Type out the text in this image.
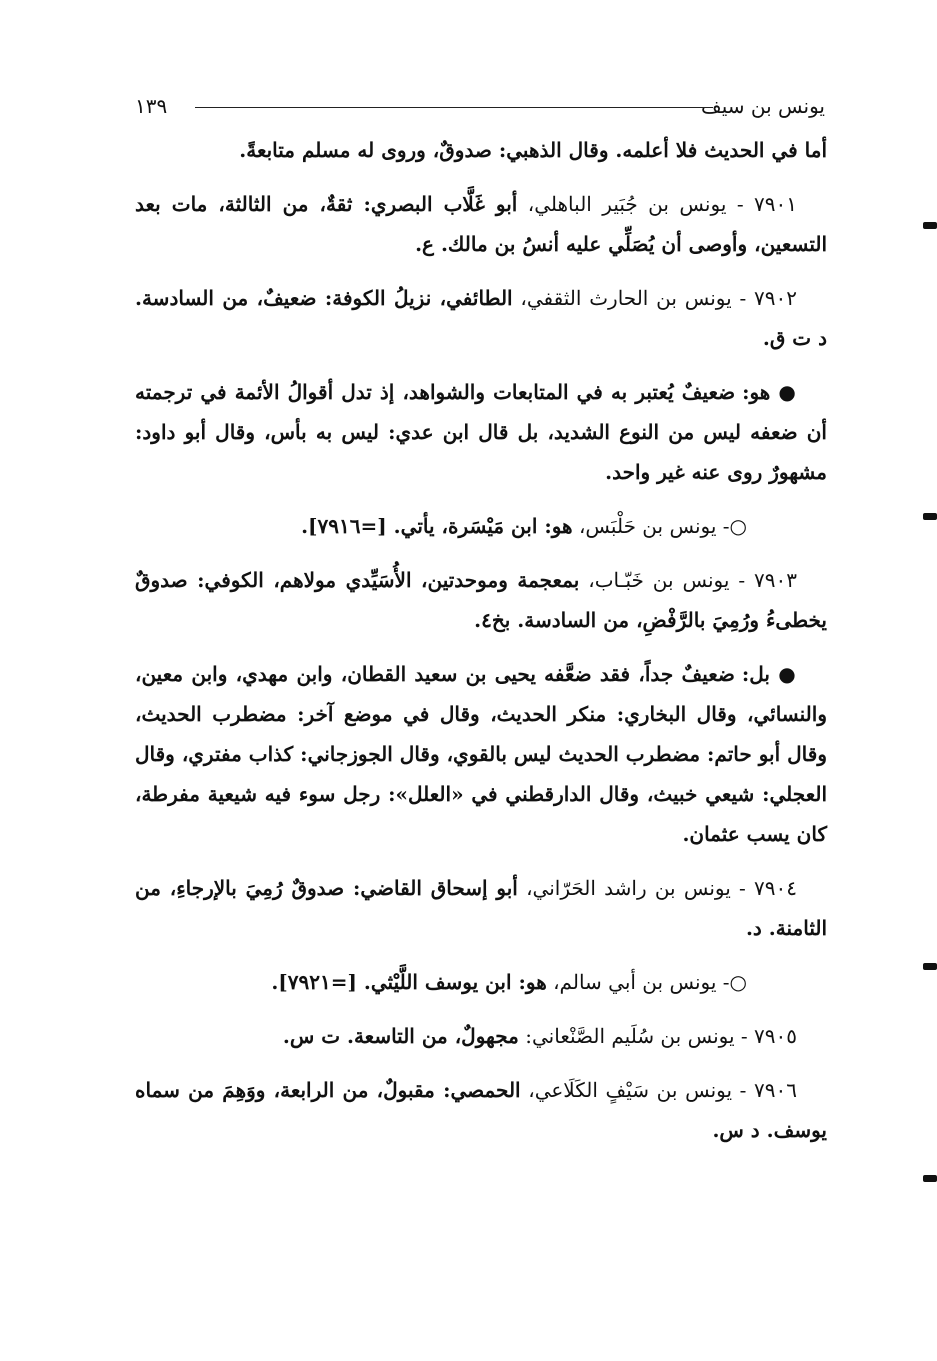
يونس بن سيف
١٣٩

أما في الحديث فلا أعلمه. وقال الذهبي: صدوقٌ، وروى له مسلم متابعةً.

٧٩٠١ - يونس بن جُبَير الباهلي، أبو غَلَّاب البصري: ثقةٌ، من الثالثة، مات بعد التسعين، وأوصى أن يُصَلِّي عليه أنسُ بن مالك. ع.

٧٩٠٢ - يونس بن الحارث الثقفي، الطائفي، نزيلُ الكوفة: ضعيفٌ، من السادسة. د ت ق.

● هو: ضعيفٌ يُعتبر به في المتابعات والشواهد، إذ تدل أقوالُ الأئمة في ترجمته أن ضعفه ليس من النوع الشديد، بل قال ابن عدي: ليس به بأس، وقال أبو داود: مشهورٌ روى عنه غير واحد.

○- يونس بن حَلْبَس، هو: ابن مَيْسَرة، يأتي. [=٧٩١٦].

٧٩٠٣ - يونس بن خَبّـاب، بمعجمة وموحدتين، الأُسَيِّدي مولاهم، الكوفي: صدوقٌ يخطىءُ ورُمِيَ بالرَّفْضِ، من السادسة. بخ٤.

● بل: ضعيفٌ جداً، فقد ضعَّفه يحيى بن سعيد القطان، وابن مهدي، وابن معين، والنسائي، وقال البخاري: منكر الحديث، وقال في موضع آخر: مضطرب الحديث، وقال أبو حاتم: مضطرب الحديث ليس بالقوي، وقال الجوزجاني: كذاب مفتري، وقال العجلي: شيعي خبيث، وقال الدارقطني في «العلل»: رجل سوء فيه شيعية مفرطة، كان يسب عثمان.

٧٩٠٤ - يونس بن راشد الحَرّاني، أبو إسحاق القاضي: صدوقٌ رُمِيَ بالإرجاءِ، من الثامنة. د.

○- يونس بن أبي سالم، هو: ابن يوسف اللَّيْثي. [=٧٩٢١].

٧٩٠٥ - يونس بن سُلَيم الصَّنْعاني: مجهولٌ، من التاسعة. ت س.

٧٩٠٦ - يونس بن سَيْفٍ الكَلَاعي، الحمصي: مقبولٌ، من الرابعة، ووَهِمَ من سماه يوسف. د س.
